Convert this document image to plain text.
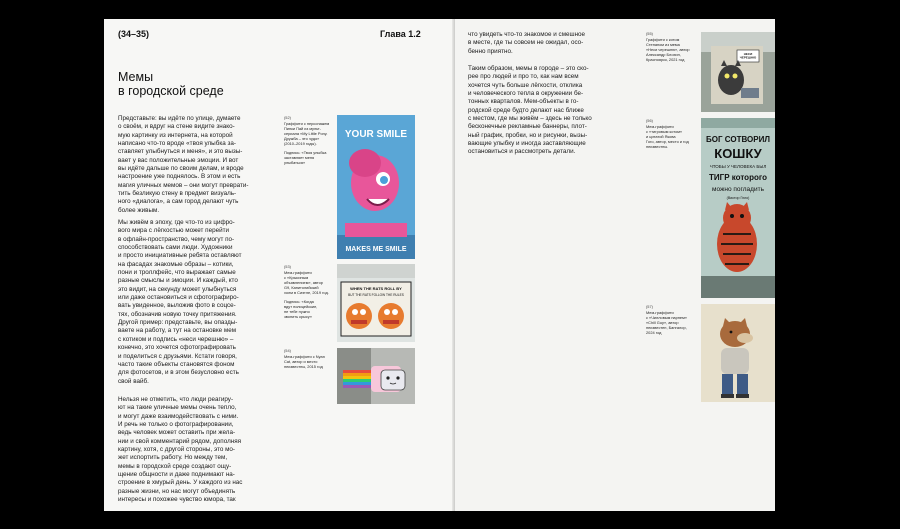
(34–35)	Глава 1.2
Мемы
в городской среде
Представьте: вы идёте по улице, думаете
о своём, и вдруг на стене видите знако-
мую картинку из интернета, на которой
написано что-то вроде «твоя улыбка за-
ставляет улыбнуться и меня», и это вызы-
вает у вас положительные эмоции. И вот
вы идёте дальше по своим делам, и вроде
настроение уже поднялось. В этом и есть
магия уличных мемов – они могут преврати-
тить безликую стену в предмет визуаль-
ного «диалога», а сам город делают чуть
более живым.
Мы живём в эпоху, где что-то из цифро-
вого мира с лёгкостью может перейти
в офлайн-пространство, чему могут по-
способствовать сами люди. Художники
и просто инициативные ребята оставляют
на фасадах знакомые образы – котики,
пони и троллфейс, что выражает самые
разные смыслы и эмоции. И каждый, кто
это видит, на секунду может улыбнуться
или даже остановиться и сфотографиро-
вать увиденное, выложив фото в соцсе-
тях, обозначив новую точку притяжения.
Другой пример: представьте, вы опазды-
ваете на работу, а тут на остановке мем
с котиком и подпись «неси черешню» –
конечно, это хочется сфотографировать
и поделиться с друзьями. Кстати говоря,
часто такие объекты становятся фоном
для фотосетов, и в этом безусловно есть
свой вайб.
Нельзя не отметить, что люди реагиру-
ют на такие уличные мемы очень тепло,
и могут даже взаимодействовать с ними.
И речь не только о фотографировании,
ведь человек может оставить при жела-
нии и свой комментарий рядом, дополняя
картину, хотя, с другой стороны, это мо-
жет испортить работу. Но между тем,
мемы в городской среде создают ощу-
щение общности и даже поднимают на-
строение в хмурый день. У каждого из нас
разные жизни, но нас могут объединять
интересы и похожее чувство юмора, так
(52)
Граффити с персонажем
Пинки Пай из мульт-
сериала «My Little Pony.
Дружба – это чудо»
(2010–2019 годы).

Подпись: «Твоя улыбка
заставляет меня
улыбаться»
YOUR SMILE
MAKES ME SMILE
(53)
Мем-граффити
с «Крысиным
объявлением», автор
G9, Капитолийский
холм в Сиэтле, 2019 год.

Подпись: «Когда
вдут полицейские,
не тебе нужно
звонить крысу»
WHEN THE RATS ROLL BY
BUT THE RATS FOLLOW THE RULES
(54)
Мем-граффити с Nyan
Cat, автор и место
неизвестны, 2015 год
что увидеть что-то знакомое и смешное
в месте, где ты совсем не ожидал, осо-
бенно приятно.
Таким образом, мемы в городе – это ско-
рее про людей и про то, как нам всем
хочется чуть больше лёгкости, отклика
и человеческого тепла в окружении бе-
тонных кварталов. Мем-объекты в го-
родской среде будто делают нас ближе
с местом, где мы живём – здесь не только
бесконечные рекламные баннеры, плот-
ный график, пробки, но и рисунки, вызы-
вающие улыбку и иногда заставляющие
остановиться и рассмотреть детали.
(55)
Граффити с котом
Степаном из мема
«Неси черешню», автор
Александр Блохин,
Красноярск, 2021 год
НЕСИ ЧЕРЕШНЮ
(56)
Мем-граффити
с «тигровым котом»
и цитатой Якова
Гого, автор, место и год
неизвестны.
БОГ СОТВОРИЛ
КОШКУ
ЧТОБЫ У ЧЕЛОВЕКА БЫЛ
ТИГР которого
можно погладить
(Виктор Гюго)
(57)
Мем-граффити
с «Чилловым парнем»
«Chill Guy», автор
неизвестен, Бангалор,
2024 год
